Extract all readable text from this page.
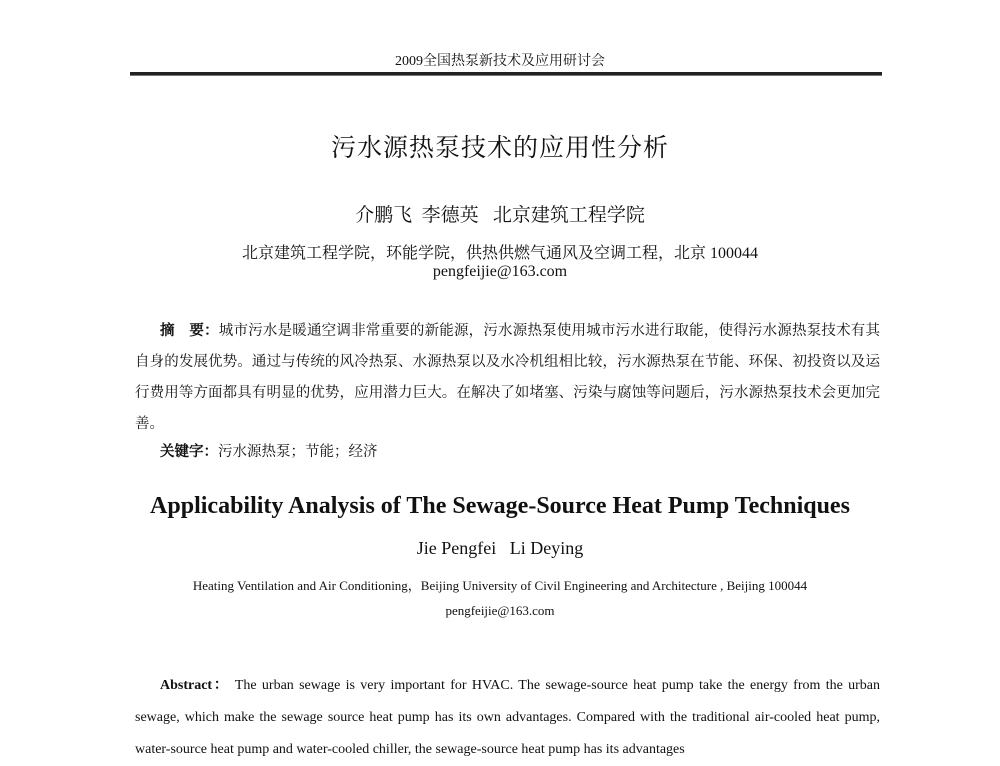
2009全国热泵新技术及应用研讨会
污水源热泵技术的应用性分析
介鹏飞  李德英   北京建筑工程学院
北京建筑工程学院，环能学院，供热供燃气通风及空调工程，北京 100044
pengfeijie@163.com
摘　要：城市污水是暖通空调非常重要的新能源，污水源热泵使用城市污水进行取能，使得污水源热泵技术有其自身的发展优势。通过与传统的风冷热泵、水源热泵以及水冷机组相比较，污水源热泵在节能、环保、初投资以及运行费用等方面都具有明显的优势，应用潜力巨大。在解决了如堵塞、污染与腐蚀等问题后，污水源热泵技术会更加完善。
关键字：污水源热泵；节能；经济
Applicability Analysis of The Sewage-Source Heat Pump Techniques
Jie Pengfei   Li Deying
Heating Ventilation and Air Conditioning，Beijing University of Civil Engineering and Architecture , Beijing 100044
pengfeijie@163.com
Abstract： The urban sewage is very important for HVAC. The sewage-source heat pump take the energy from the urban sewage, which make the sewage source heat pump has its own advantages. Compared with the traditional air-cooled heat pump, water-source heat pump and water-cooled chiller, the sewage-source heat pump has its advantages
